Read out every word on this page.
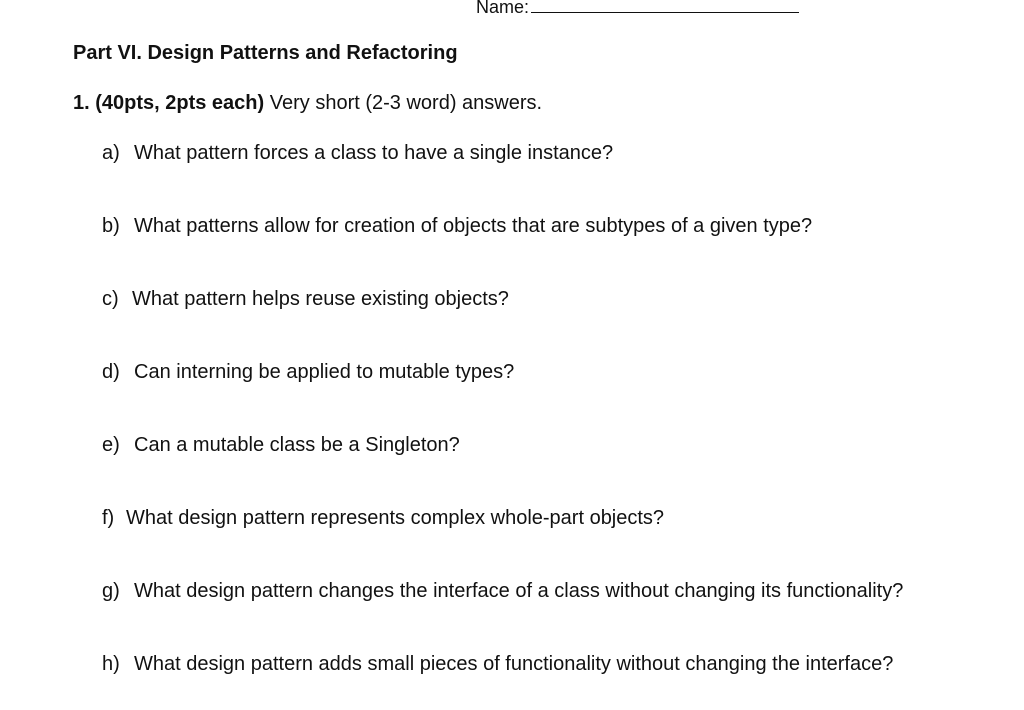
Name:
Part VI. Design Patterns and Refactoring
1. (40pts, 2pts each) Very short (2-3 word) answers.
a) What pattern forces a class to have a single instance?
b) What patterns allow for creation of objects that are subtypes of a given type?
c) What pattern helps reuse existing objects?
d) Can interning be applied to mutable types?
e) Can a mutable class be a Singleton?
f) What design pattern represents complex whole-part objects?
g) What design pattern changes the interface of a class without changing its functionality?
h) What design pattern adds small pieces of functionality without changing the interface?
